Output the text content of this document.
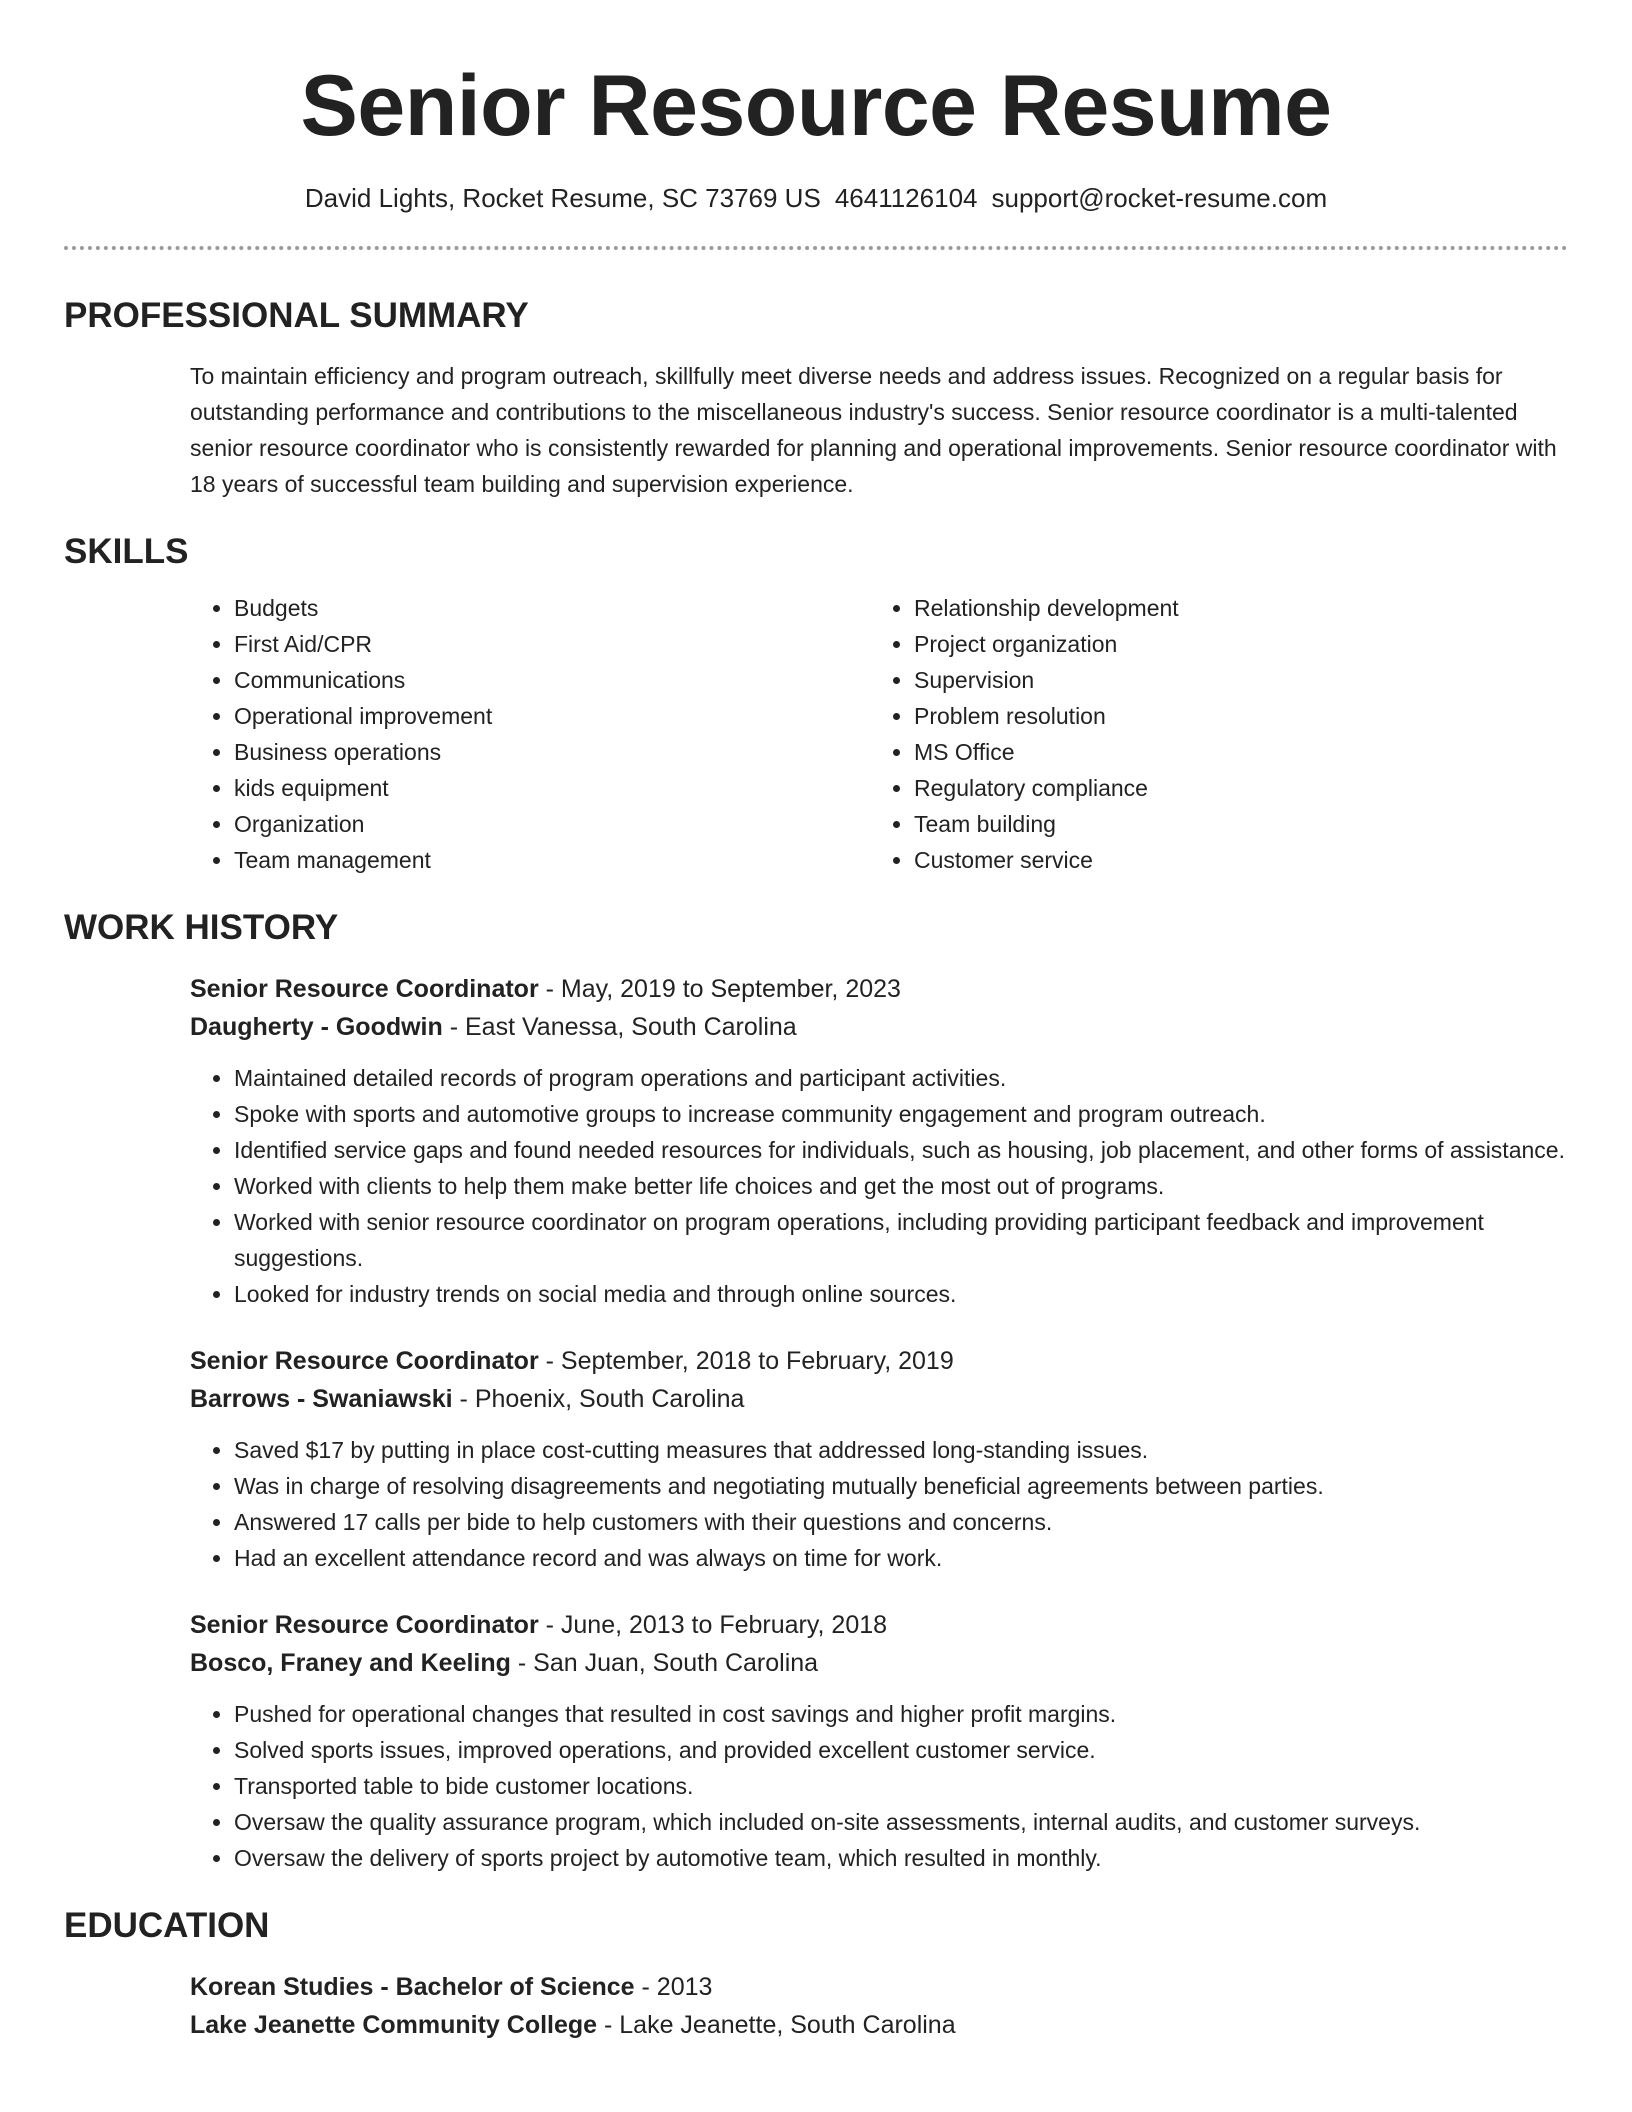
Senior Resource Resume
David Lights, Rocket Resume, SC 73769 US 4641126104 support@rocket-resume.com
PROFESSIONAL SUMMARY
To maintain efficiency and program outreach, skillfully meet diverse needs and address issues. Recognized on a regular basis for outstanding performance and contributions to the miscellaneous industry's success. Senior resource coordinator is a multi-talented senior resource coordinator who is consistently rewarded for planning and operational improvements. Senior resource coordinator with 18 years of successful team building and supervision experience.
SKILLS
• Budgets
• First Aid/CPR
• Communications
• Operational improvement
• Business operations
• kids equipment
• Organization
• Team management
• Relationship development
• Project organization
• Supervision
• Problem resolution
• MS Office
• Regulatory compliance
• Team building
• Customer service
WORK HISTORY
Senior Resource Coordinator - May, 2019 to September, 2023
Daugherty - Goodwin - East Vanessa, South Carolina
• Maintained detailed records of program operations and participant activities.
• Spoke with sports and automotive groups to increase community engagement and program outreach.
• Identified service gaps and found needed resources for individuals, such as housing, job placement, and other forms of assistance.
• Worked with clients to help them make better life choices and get the most out of programs.
• Worked with senior resource coordinator on program operations, including providing participant feedback and improvement suggestions.
• Looked for industry trends on social media and through online sources.
Senior Resource Coordinator - September, 2018 to February, 2019
Barrows - Swaniawski - Phoenix, South Carolina
• Saved $17 by putting in place cost-cutting measures that addressed long-standing issues.
• Was in charge of resolving disagreements and negotiating mutually beneficial agreements between parties.
• Answered 17 calls per bide to help customers with their questions and concerns.
• Had an excellent attendance record and was always on time for work.
Senior Resource Coordinator - June, 2013 to February, 2018
Bosco, Franey and Keeling - San Juan, South Carolina
• Pushed for operational changes that resulted in cost savings and higher profit margins.
• Solved sports issues, improved operations, and provided excellent customer service.
• Transported table to bide customer locations.
• Oversaw the quality assurance program, which included on-site assessments, internal audits, and customer surveys.
• Oversaw the delivery of sports project by automotive team, which resulted in monthly.
EDUCATION
Korean Studies - Bachelor of Science - 2013
Lake Jeanette Community College - Lake Jeanette, South Carolina
